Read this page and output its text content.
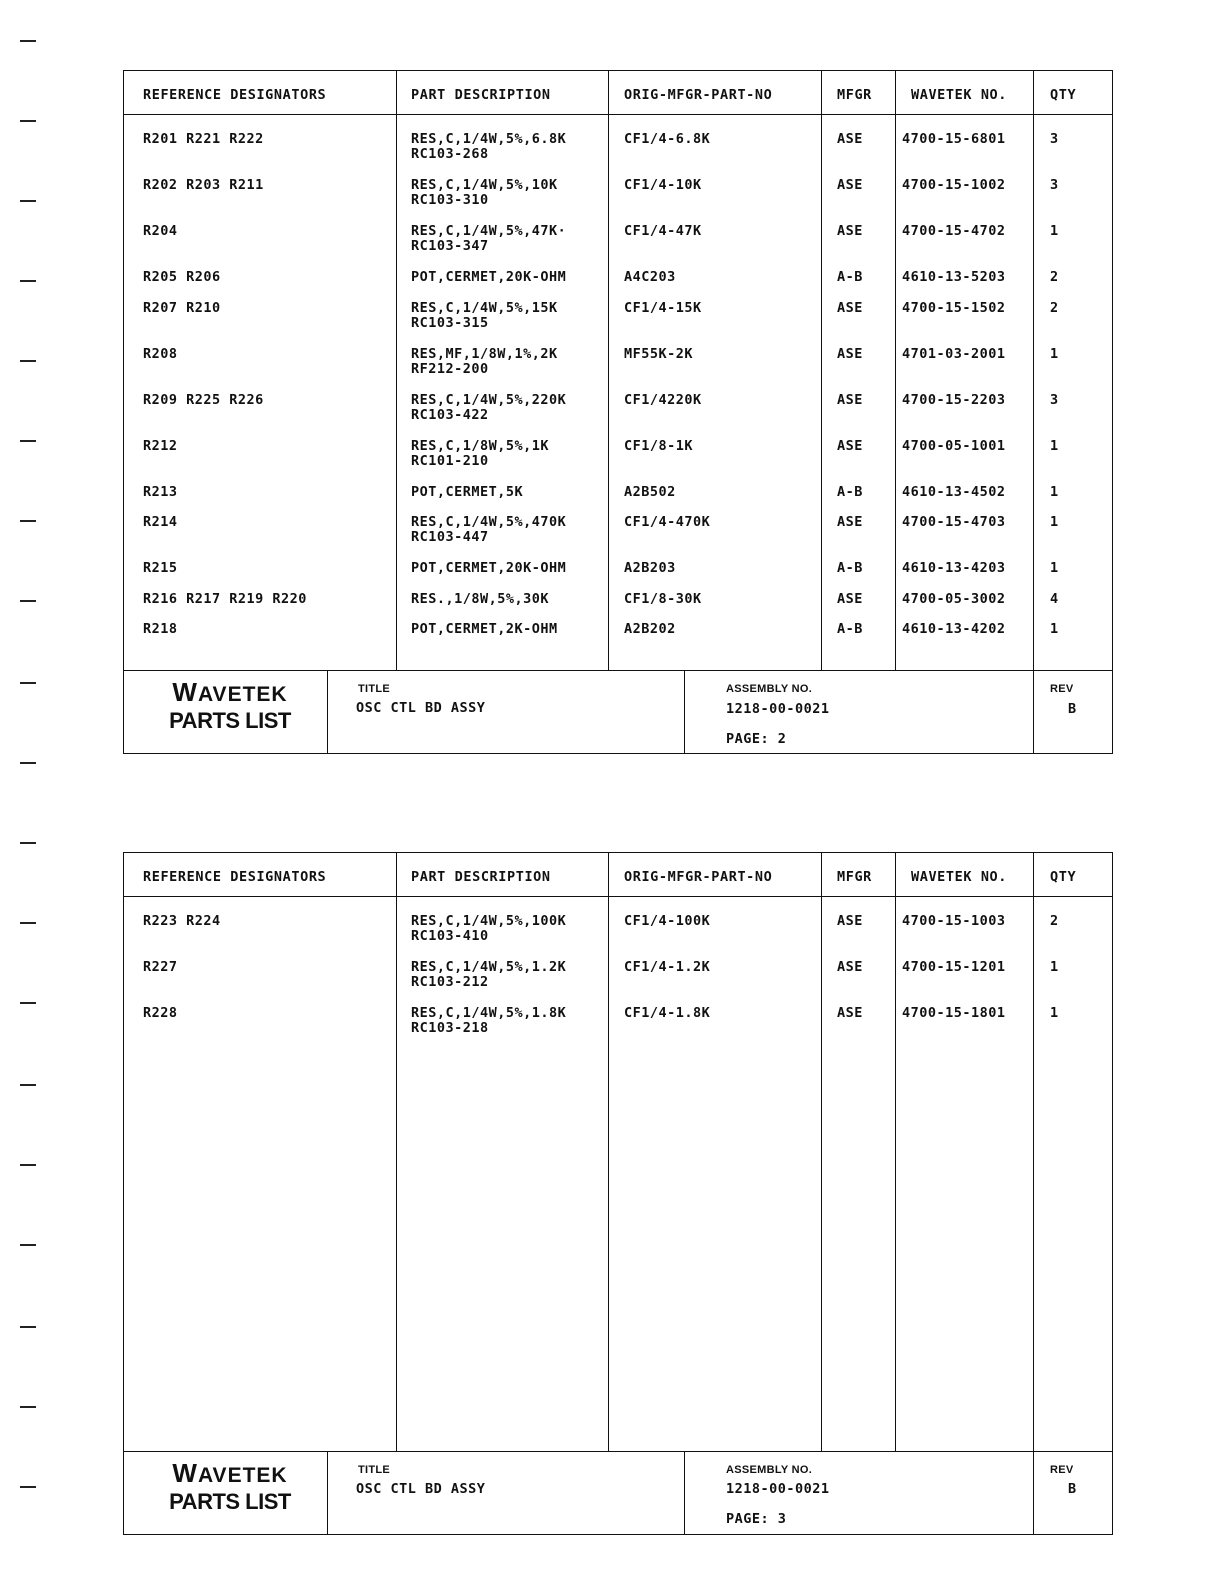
REFERENCE DESIGNATORS	PART DESCRIPTION	ORIG-MFGR-PART-NO	MFGR	WAVETEK NO.	QTY
R201 R221 R222	RES,C,1/4W,5%,6.8K	CF1/4-6.8K	ASE	4700-15-6801	3
RC103-268
R202 R203 R211	RES,C,1/4W,5%,10K	CF1/4-10K	ASE	4700-15-1002	3
RC103-310
R204	RES,C,1/4W,5%,47K·	CF1/4-47K	ASE	4700-15-4702	1
RC103-347
R205 R206	POT,CERMET,20K-OHM	A4C203	A-B	4610-13-5203	2
R207 R210	RES,C,1/4W,5%,15K	CF1/4-15K	ASE	4700-15-1502	2
RC103-315
R208	RES,MF,1/8W,1%,2K	MF55K-2K	ASE	4701-03-2001	1
RF212-200
R209 R225 R226	RES,C,1/4W,5%,220K	CF1/4220K	ASE	4700-15-2203	3
RC103-422
R212	RES,C,1/8W,5%,1K	CF1/8-1K	ASE	4700-05-1001	1
RC101-210
R213	POT,CERMET,5K	A2B502	A-B	4610-13-4502	1
R214	RES,C,1/4W,5%,470K	CF1/4-470K	ASE	4700-15-4703	1
RC103-447
R215	POT,CERMET,20K-OHM	A2B203	A-B	4610-13-4203	1
R216 R217 R219 R220	RES.,1/8W,5%,30K	CF1/8-30K	ASE	4700-05-3002	4
R218	POT,CERMET,2K-OHM	A2B202	A-B	4610-13-4202	1
WAVETEK
PARTS LIST
TITLE
OSC CTL BD ASSY
ASSEMBLY NO.
1218-00-0021
PAGE: 2
REV
B
REFERENCE DESIGNATORS	PART DESCRIPTION	ORIG-MFGR-PART-NO	MFGR	WAVETEK NO.	QTY
R223 R224	RES,C,1/4W,5%,100K	CF1/4-100K	ASE	4700-15-1003	2
RC103-410
R227	RES,C,1/4W,5%,1.2K	CF1/4-1.2K	ASE	4700-15-1201	1
RC103-212
R228	RES,C,1/4W,5%,1.8K	CF1/4-1.8K	ASE	4700-15-1801	1
RC103-218
WAVETEK
PARTS LIST
TITLE
OSC CTL BD ASSY
ASSEMBLY NO.
1218-00-0021
PAGE: 3
REV
B
